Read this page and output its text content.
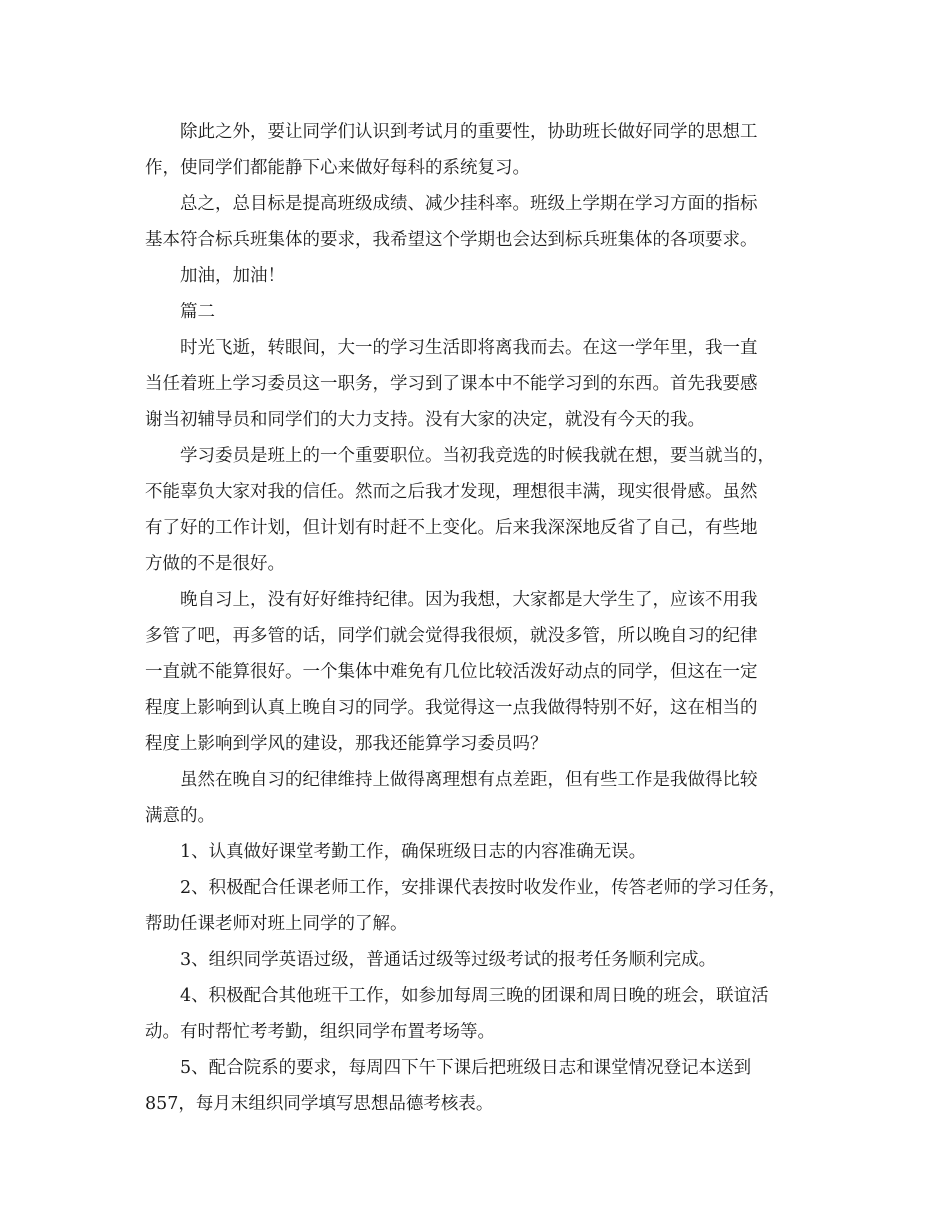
除此之外，要让同学们认识到考试月的重要性，协助班长做好同学的思想工

作，使同学们都能静下心来做好每科的系统复习。

总之，总目标是提高班级成绩、减少挂科率。班级上学期在学习方面的指标

基本符合标兵班集体的要求，我希望这个学期也会达到标兵班集体的各项要求。

加油，加油！

篇二

时光飞逝，转眼间，大一的学习生活即将离我而去。在这一学年里，我一直

当任着班上学习委员这一职务，学习到了课本中不能学习到的东西。首先我要感

谢当初辅导员和同学们的大力支持。没有大家的决定，就没有今天的我。

学习委员是班上的一个重要职位。当初我竞选的时候我就在想，要当就当的，

不能辜负大家对我的信任。然而之后我才发现，理想很丰满，现实很骨感。虽然

有了好的工作计划，但计划有时赶不上变化。后来我深深地反省了自己，有些地

方做的不是很好。

晚自习上，没有好好维持纪律。因为我想，大家都是大学生了，应该不用我

多管了吧，再多管的话，同学们就会觉得我很烦，就没多管，所以晚自习的纪律

一直就不能算很好。一个集体中难免有几位比较活泼好动点的同学，但这在一定

程度上影响到认真上晚自习的同学。我觉得这一点我做得特别不好，这在相当的

程度上影响到学风的建设，那我还能算学习委员吗？

虽然在晚自习的纪律维持上做得离理想有点差距，但有些工作是我做得比较

满意的。

1、认真做好课堂考勤工作，确保班级日志的内容准确无误。

2、积极配合任课老师工作，安排课代表按时收发作业，传答老师的学习任务，

帮助任课老师对班上同学的了解。

3、组织同学英语过级，普通话过级等过级考试的报考任务顺利完成。

4、积极配合其他班干工作，如参加每周三晚的团课和周日晚的班会，联谊活

动。有时帮忙考考勤，组织同学布置考场等。

5、配合院系的要求，每周四下午下课后把班级日志和课堂情况登记本送到

857，每月末组织同学填写思想品德考核表。
